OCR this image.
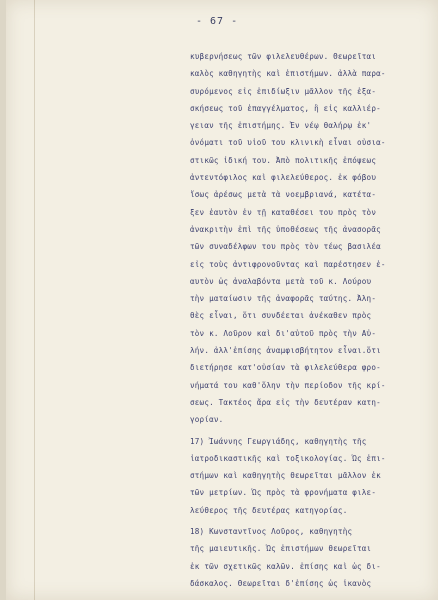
- 67 -
κυβερνήσεως τῶν φιλελευθέρων. Θεωρεῖται
καλὸς καθηγητὴς καὶ ἐπιστήμων. ἀλλὰ παρα-
συρόμενος εἰς ἐπιδίωξιν μᾶλλον τῆς ἐξα-
σκήσεως τοῦ ἐπαγγέλματος, ἢ εἰς καλλιέρ-
γειαν τῆς ἐπιστήμης. Ἐν νέῳ θαλήρῳ ἐκ'
ὀνόματι τοῦ υἱοῦ του κλινικὴ εἶναι οὐσια-
στικῶς ἰδική του. Ἀπὸ πολιτικῆς ἐπόψεως
ἀντεντόφιλος καὶ φιλελεύθερος. ἐκ φόβου
ἴσως ἀρέσως μετὰ τὰ νοεμβριανά, κατέτα-
ξεν ἑαυτὸν ἐν τῇ καταθέσει του πρὸς τὸν
ἀνακριτὴν ἐπὶ τῆς ὑποθέσεως τῆς ἀνασορᾶς
τῶν συναδέλφων του πρὸς τὸν τέως βασιλέα
εἰς τοὺς ἀντιφρονοῦντας καὶ παρέστησεν ἑ-
αυτὸν ὡς ἀναλαβόντα μετὰ τοῦ κ. Λούρου
τὴν ματαίωσιν τῆς ἀναφορᾶς ταύτης. Ἀλη-
θὲς εἶναι, ὅτι συνδέεται ἀνέκαθεν πρὸς
τὸν κ. Λοῦρον καὶ δι'αὐτοῦ πρὸς τὴν Αὐ-
λήν. ἀλλ'ἐπίσης ἀναμφισβήτητον εἶναι.ὅτι
διετήρησε κατ'οὐσίαν τὰ φιλελεύθερα φρο-
νήματά του καθ'ὅλην τὴν περίοδον τῆς κρί-
σεως. Τακτέος ἄρα εἰς τὴν δευτέραν κατη-
γορίαν.
17) Ἰωάννης Γεωργιάδης, καθηγητὴς τῆς
ἰατροδικαστικῆς καὶ τοξικολογίας. Ὡς ἐπι-
στήμων καὶ καθηγητὴς θεωρεῖται μᾶλλον ἐκ
τῶν μετρίων. Ὡς πρὸς τὰ φρονήματα φιλε-
λεύθερος τῆς δευτέρας κατηγορίας.
18) Κωνσταντῖνος Λοῦρος, καθηγητὴς
τῆς μαιευτικῆς. Ὡς ἐπιστήμων θεωρεῖται
ἐκ τῶν σχετικῶς καλῶν. ἐπίσης καὶ ὡς δι-
δάσκαλος. Θεωρεῖται δ'ἐπίσης ὡς ἱκανὸς
